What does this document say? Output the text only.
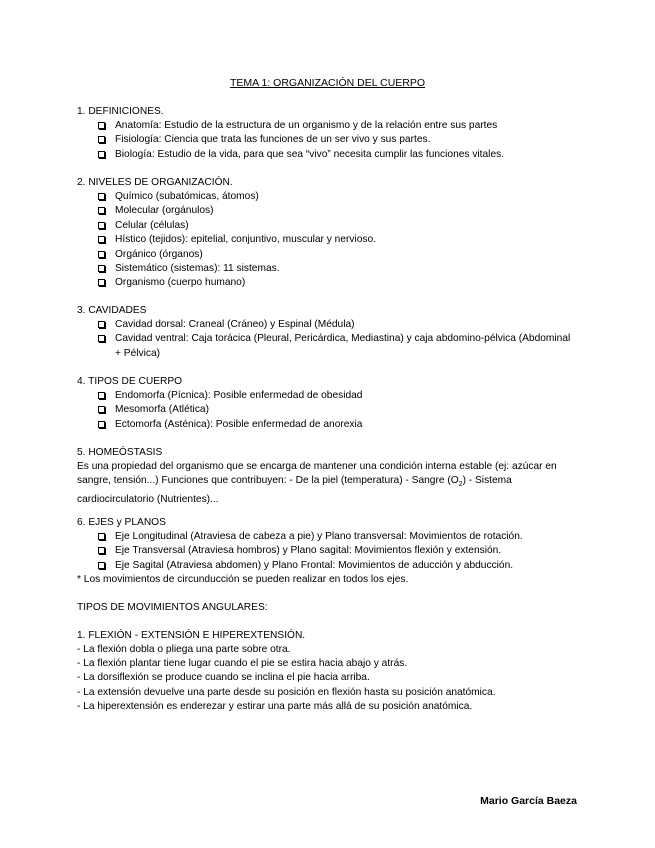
TEMA 1: ORGANIZACIÓN DEL CUERPO
1. DEFINICIONES.
Anatomía: Estudio de la estructura de un organismo y de la relación entre sus partes
Fisiología: Ciencia que trata las funciones de un ser vivo y sus partes.
Biología: Estudio de la vida, para que sea “vivo” necesita cumplir las funciones vitales.
2. NIVELES DE ORGANIZACIÓN.
Químico (subatómicas, átomos)
Molecular (orgánulos)
Celular (células)
Hístico (tejidos): epitelial, conjuntivo, muscular y nervioso.
Orgánico (órganos)
Sistemático (sistemas): 11 sistemas.
Organismo (cuerpo humano)
3. CAVIDADES
Cavidad dorsal: Craneal (Cráneo) y Espinal (Médula)
Cavidad ventral: Caja torácica (Pleural, Pericárdica, Mediastina) y caja abdomino-pélvica (Abdominal + Pélvica)
4. TIPOS DE CUERPO
Endomorfa (Pícnica): Posible enfermedad de obesidad
Mesomorfa (Atlética)
Ectomorfa (Asténica): Posible enfermedad de anorexia
5. HOMEÓSTASIS
Es una propiedad del organismo que se encarga de mantener una condición interna estable (ej: azúcar en sangre, tensión...) Funciones que contribuyen: - De la piel (temperatura) - Sangre $(O_2)$ - Sistema cardiocirculatorio (Nutrientes)...
6. EJES y PLANOS
Eje Longitudinal (Atraviesa de cabeza a pie) y Plano transversal: Movimientos de rotación.
Eje Transversal (Atraviesa hombros) y Plano sagital: Movimientos flexión y extensión.
Eje Sagital (Atraviesa abdomen) y Plano Frontal: Movimientos de aducción y abducción.
* Los movimientos de circunducción se pueden realizar en todos los ejes.
TIPOS DE MOVIMIENTOS ANGULARES:
1. FLEXIÓN - EXTENSIÓN E HIPEREXTENSIÓN.
- La flexión dobla o pliega una parte sobre otra.
- La flexión plantar tiene lugar cuando el pie se estira hacia abajo y atrás.
- La dorsiflexión se produce cuando se inclina el pie hacia arriba.
- La extensión devuelve una parte desde su posición en flexión hasta su posición anatómica.
- La hiperextensión es enderezar y estirar una parte más allá de su posición anatómica.
Mario García Baeza
